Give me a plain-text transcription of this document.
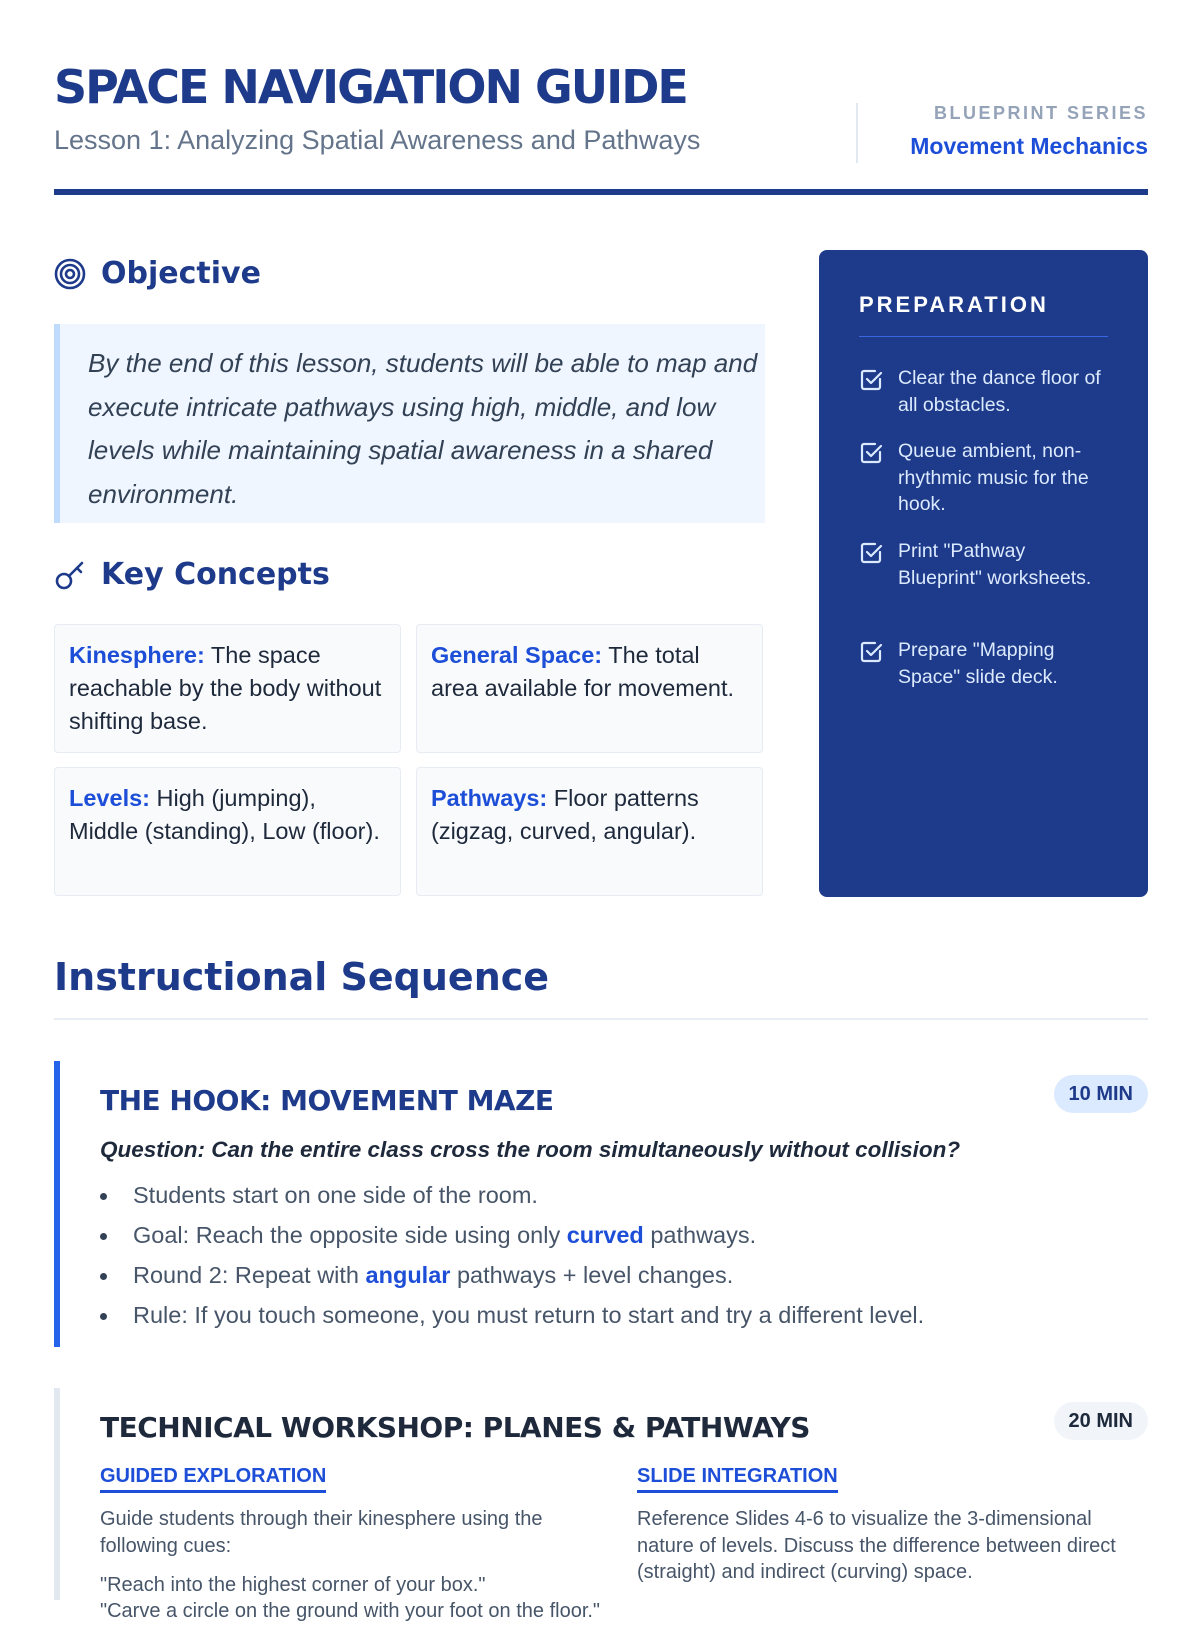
SPACE NAVIGATION GUIDE
Lesson 1: Analyzing Spatial Awareness and Pathways
BLUEPRINT SERIES
Movement Mechanics
Objective

By the end of this lesson, students will be able to map and execute intricate pathways using high, middle, and low levels while maintaining spatial awareness in a shared environment.

Key Concepts
Kinesphere: The space reachable by the body without shifting base.
General Space: The total area available for movement.
Levels: High (jumping), Middle (standing), Low (floor).
Pathways: Floor patterns (zigzag, curved, angular).
PREPARATION
Clear the dance floor of all obstacles.
Queue ambient, non-rhythmic music for the hook.
Print "Pathway Blueprint" worksheets.
Prepare "Mapping Space" slide deck.
Instructional Sequence
THE HOOK: MOVEMENT MAZE	10 MIN

Question: Can the entire class cross the room simultaneously without collision?

Students start on one side of the room.
Goal: Reach the opposite side using only curved pathways.
Round 2: Repeat with angular pathways + level changes.
Rule: If you touch someone, you must return to start and try a different level.
TECHNICAL WORKSHOP: PLANES & PATHWAYS	20 MIN
GUIDED EXPLORATION

Guide students through their kinesphere using the following cues:

"Reach into the highest corner of your box."

"Carve a circle on the ground with your foot on the floor."

SLIDE INTEGRATION

Reference Slides 4-6 to visualize the 3-dimensional nature of levels. Discuss the difference between direct (straight) and indirect (curving) space.
